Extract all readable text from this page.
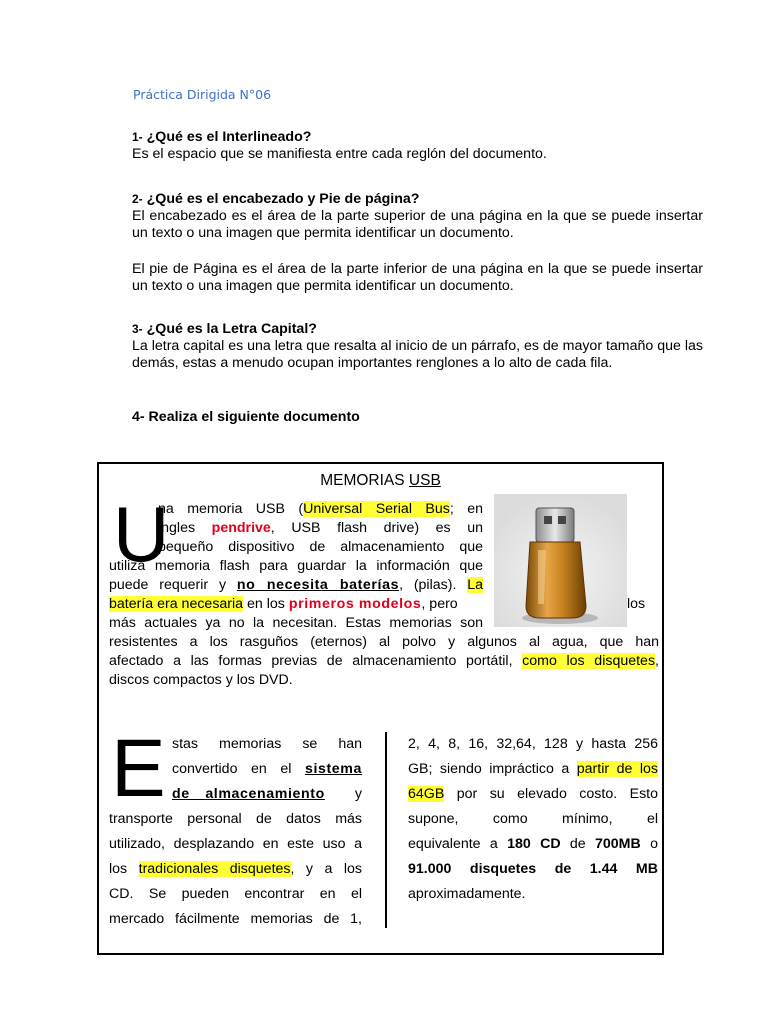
Práctica Dirigida N°06
1- ¿Qué es el Interlineado?

Es el espacio que se manifiesta entre cada reglón del documento.

2- ¿Qué es el encabezado y Pie de página?

El encabezado es el área de la parte superior de una página en la que se puede insertar un texto o una imagen que permita identificar un documento.

El pie de Página es el área de la parte inferior de una página en la que se puede insertar un texto o una imagen que permita identificar un documento.

3- ¿Qué es la Letra Capital?

La letra capital es una letra que resalta al inicio de un párrafo, es de mayor tamaño que las demás, estas a menudo ocupan importantes renglones a lo alto de cada fila.

4- Realiza el siguiente documento
MEMORIAS USB
U
na memoria USB (Universal Serial Bus; en
ingles pendrive, USB flash drive) es un
pequeño dispositivo de almacenamiento que
utiliza memoria flash para guardar la información que
puede requerir y no necesita baterías, (pilas). La
batería era necesaria en los primeros modelos, pero	los
más actuales ya no la necesitan. Estas memorias son
resistentes a los rasguños (eternos) al polvo y algunos al agua, que han
afectado a las formas previas de almacenamiento portátil, como los disquetes,
discos compactos y los DVD.
E stas memorias se han
convertido en el sistema
de almacenamiento y
transporte personal de datos más
utilizado, desplazando en este uso a
los tradicionales disquetes, y a los
CD. Se pueden encontrar en el
mercado fácilmente memorias de 1,
2, 4, 8, 16, 32,64, 128 y hasta 256
GB; siendo impráctico a partir de los
64GB por su elevado costo. Esto
supone, como mínimo, el
equivalente a 180 CD de 700MB o
91.000 disquetes de 1.44 MB
aproximadamente.
